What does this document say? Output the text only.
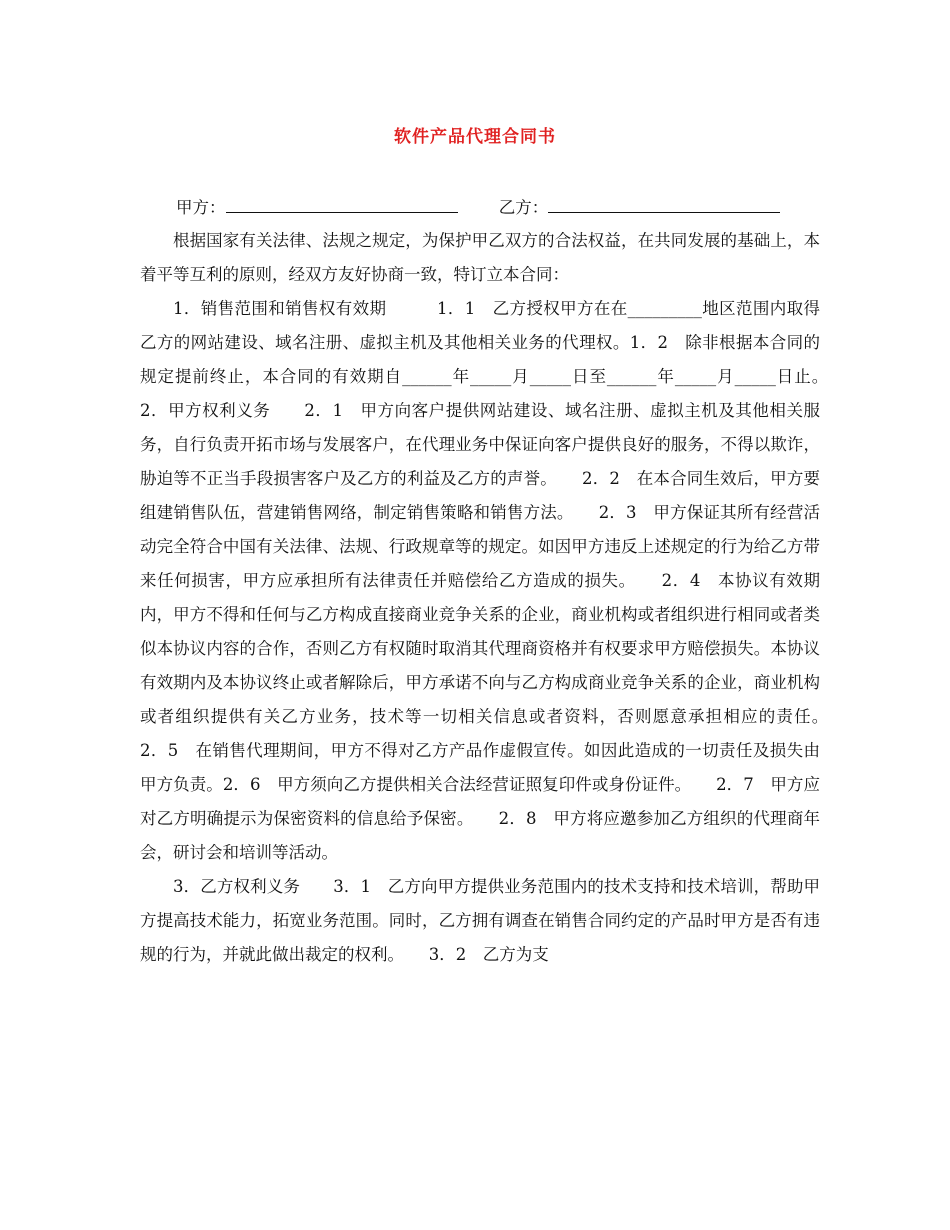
软件产品代理合同书
甲方：	乙方：

根据国家有关法律、法规之规定，为保护甲乙双方的合法权益，在共同发展的基础上，本着平等互利的原则，经双方友好协商一致，特订立本合同：

1．销售范围和销售权有效期　　　1．1　乙方授权甲方在在_________地区范围内取得乙方的网站建设、域名注册、虚拟主机及其他相关业务的代理权。1．2　除非根据本合同的规定提前终止，本合同的有效期自______年_____月_____日至______年_____月_____日止。　　2．甲方权利义务　　2．1　甲方向客户提供网站建设、域名注册、虚拟主机及其他相关服务，自行负责开拓市场与发展客户，在代理业务中保证向客户提供良好的服务，不得以欺诈，胁迫等不正当手段损害客户及乙方的利益及乙方的声誉。　　2．2　在本合同生效后，甲方要组建销售队伍，营建销售网络，制定销售策略和销售方法。　　2．3　甲方保证其所有经营活动完全符合中国有关法律、法规、行政规章等的规定。如因甲方违反上述规定的行为给乙方带来任何损害，甲方应承担所有法律责任并赔偿给乙方造成的损失。　　2．4　本协议有效期内，甲方不得和任何与乙方构成直接商业竞争关系的企业，商业机构或者组织进行相同或者类似本协议内容的合作，否则乙方有权随时取消其代理商资格并有权要求甲方赔偿损失。本协议有效期内及本协议终止或者解除后，甲方承诺不向与乙方构成商业竞争关系的企业，商业机构或者组织提供有关乙方业务，技术等一切相关信息或者资料，否则愿意承担相应的责任。　　2．5　在销售代理期间，甲方不得对乙方产品作虚假宣传。如因此造成的一切责任及损失由甲方负责。2．6　甲方须向乙方提供相关合法经营证照复印件或身份证件。　　2．7　甲方应对乙方明确提示为保密资料的信息给予保密。　　2．8　甲方将应邀参加乙方组织的代理商年会，研讨会和培训等活动。

3．乙方权利义务　　3．1　乙方向甲方提供业务范围内的技术支持和技术培训，帮助甲方提高技术能力，拓宽业务范围。同时，乙方拥有调查在销售合同约定的产品时甲方是否有违规的行为，并就此做出裁定的权利。　　3．2　乙方为支
